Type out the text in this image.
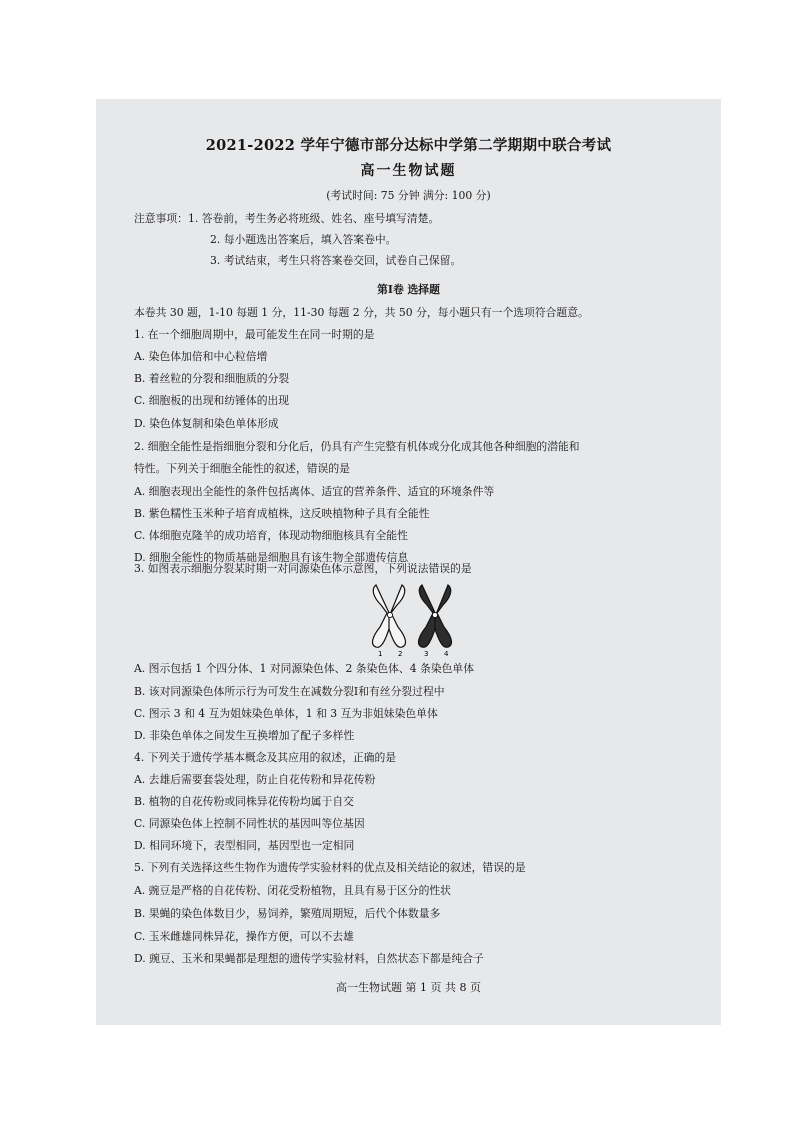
2021-2022 学年宁德市部分达标中学第二学期期中联合考试
高一生物试题
(考试时间: 75 分钟 满分: 100 分)
注意事项：1. 答卷前，考生务必将班级、姓名、座号填写清楚。
2. 每小题选出答案后，填入答案卷中。
3. 考试结束，考生只将答案卷交回，试卷自己保留。
第Ⅰ卷 选择题
本卷共 30 题，1-10 每题 1 分，11-30 每题 2 分，共 50 分，每小题只有一个选项符合题意。
1. 在一个细胞周期中，最可能发生在同一时期的是
A. 染色体加倍和中心粒倍增
B. 着丝粒的分裂和细胞质的分裂
C. 细胞板的出现和纺锤体的出现
D. 染色体复制和染色单体形成
2. 细胞全能性是指细胞分裂和分化后，仍具有产生完整有机体或分化成其他各种细胞的潜能和
特性。下列关于细胞全能性的叙述，错误的是
A. 细胞表现出全能性的条件包括离体、适宜的营养条件、适宜的环境条件等
B. 紫色糯性玉米种子培育成植株，这反映植物种子具有全能性
C. 体细胞克隆羊的成功培育，体现动物细胞核具有全能性
D. 细胞全能性的物质基础是细胞具有该生物全部遗传信息
3. 如图表示细胞分裂某时期一对同源染色体示意图，下列说法错误的是
1 2	3 4
A. 图示包括 1 个四分体、1 对同源染色体、2 条染色体、4 条染色单体
B. 该对同源染色体所示行为可发生在减数分裂Ⅰ和有丝分裂过程中
C. 图示 3 和 4 互为姐妹染色单体，1 和 3 互为非姐妹染色单体
D. 非染色单体之间发生互换增加了配子多样性
4. 下列关于遗传学基本概念及其应用的叙述，正确的是
A. 去雄后需要套袋处理，防止自花传粉和异花传粉
B. 植物的自花传粉或同株异花传粉均属于自交
C. 同源染色体上控制不同性状的基因叫等位基因
D. 相同环境下，表型相同，基因型也一定相同
5. 下列有关选择这些生物作为遗传学实验材料的优点及相关结论的叙述，错误的是
A. 豌豆是严格的自花传粉、闭花受粉植物，且具有易于区分的性状
B. 果蝇的染色体数目少，易饲养，繁殖周期短，后代个体数量多
C. 玉米雌雄同株异花，操作方便，可以不去雄
D. 豌豆、玉米和果蝇都是理想的遗传学实验材料，自然状态下都是纯合子
高一生物试题 第 1 页 共 8 页
